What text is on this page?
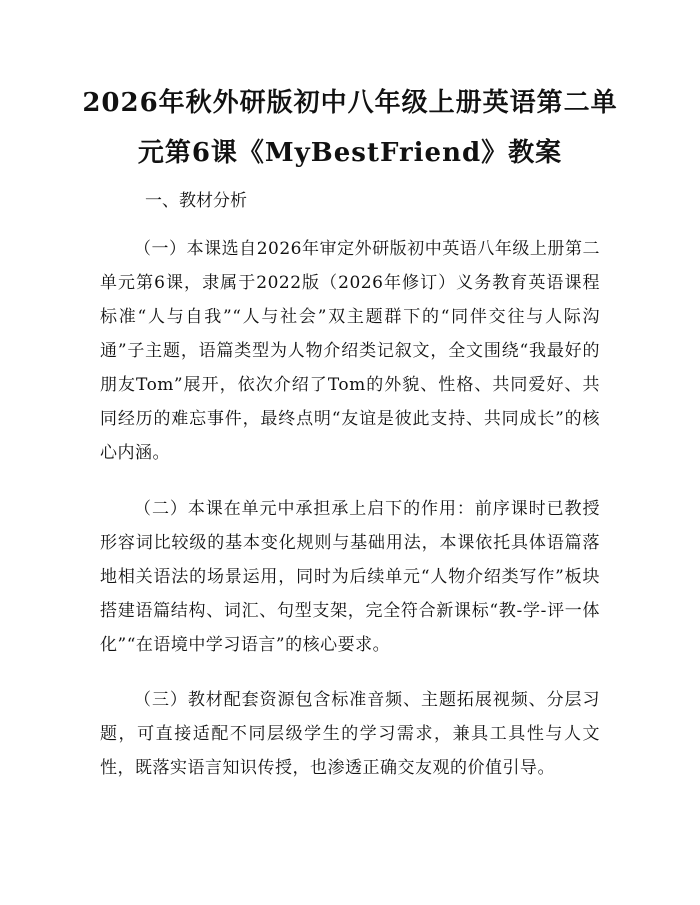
2026年秋外研版初中八年级上册英语第二单
元第6课《MyBestFriend》教案
一、教材分析

（一）本课选自2026年审定外研版初中英语八年级上册第二单元第6课，隶属于2022版（2026年修订）义务教育英语课程标准“人与自我”“人与社会”双主题群下的“同伴交往与人际沟通”子主题，语篇类型为人物介绍类记叙文，全文围绕“我最好的朋友Tom”展开，依次介绍了Tom的外貌、性格、共同爱好、共同经历的难忘事件，最终点明“友谊是彼此支持、共同成长”的核心内涵。

（二）本课在单元中承担承上启下的作用：前序课时已教授形容词比较级的基本变化规则与基础用法，本课依托具体语篇落地相关语法的场景运用，同时为后续单元“人物介绍类写作”板块搭建语篇结构、词汇、句型支架，完全符合新课标“教-学-评一体化”“在语境中学习语言”的核心要求。

（三）教材配套资源包含标准音频、主题拓展视频、分层习题，可直接适配不同层级学生的学习需求，兼具工具性与人文性，既落实语言知识传授，也渗透正确交友观的价值引导。
